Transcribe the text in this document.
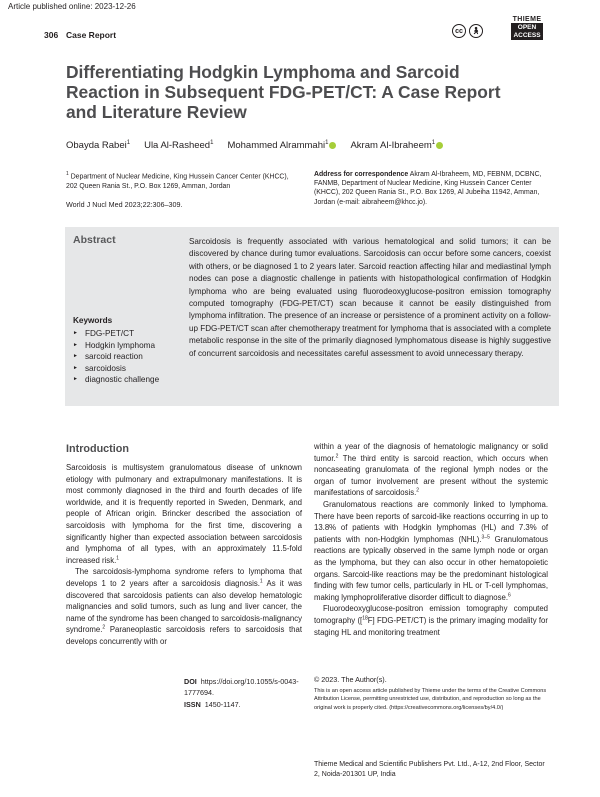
Article published online: 2023-12-26
306 Case Report	cc	🚶︎
THIEME
OPEN
ACCESS
Differentiating Hodgkin Lymphoma and Sarcoid Reaction in Subsequent FDG-PET/CT: A Case Report and Literature Review
Obayda Rabei$^1$ Ula Al-Rasheed$^1$ Mohammed Alrammahi$^1$	Akram Al-Ibraheem$^1$
$^1$ Department of Nuclear Medicine, King Hussein Cancer Center (KHCC), 202 Queen Rania St., P.O. Box 1269, Amman, Jordan
World J Nucl Med 2023;22:306–309.
Address for correspondence Akram Al-Ibraheem, MD, FEBNM, DCBNC, FANMB, Department of Nuclear Medicine, King Hussein Cancer Center (KHCC), 202 Queen Rania St., P.O. Box 1269, Al Jubeiha 11942, Amman, Jordan (e-mail: aibraheem@khcc.jo).
Abstract
Keywords
► FDG-PET/CT
► Hodgkin lymphoma
► sarcoid reaction
► sarcoidosis
► diagnostic challenge
Sarcoidosis is frequently associated with various hematological and solid tumors; it can be discovered by chance during tumor evaluations. Sarcoidosis can occur before some cancers, coexist with others, or be diagnosed 1 to 2 years later. Sarcoid reaction affecting hilar and mediastinal lymph nodes can pose a diagnostic challenge in patients with histopathological confirmation of Hodgkin lymphoma who are being evaluated using fluorodeoxyglucose-positron emission tomography computed tomography (FDG-PET/CT) scan because it cannot be easily distinguished from lymphoma infiltration. The presence of an increase or persistence of a prominent activity on a follow-up FDG-PET/CT scan after chemotherapy treatment for lymphoma that is associated with a complete metabolic response in the site of the primarily diagnosed lymphomatous disease is highly suggestive of concurrent sarcoidosis and necessitates careful assessment to avoid unnecessary therapy.
Introduction

Sarcoidosis is multisystem granulomatous disease of unknown etiology with pulmonary and extrapulmonary manifestations. It is most commonly diagnosed in the third and fourth decades of life worldwide, and it is frequently reported in Sweden, Denmark, and people of African origin. Brincker described the association of sarcoidosis with lymphoma for the first time, discovering a significantly higher than expected association between sarcoidosis and lymphoma of all types, with an approximately 11.5-fold increased risk.$^1$

The sarcoidosis-lymphoma syndrome refers to lymphoma that develops 1 to 2 years after a sarcoidosis diagnosis.$^1$ As it was discovered that sarcoidosis patients can also develop hematologic malignancies and solid tumors, such as lung and liver cancer, the name of the syndrome has been changed to sarcoidosis-malignancy syndrome.$^2$ Paraneoplastic sarcoidosis refers to sarcoidosis that develops concurrently with or

within a year of the diagnosis of hematologic malignancy or solid tumor.$^2$ The third entity is sarcoid reaction, which occurs when noncaseating granulomata of the regional lymph nodes or the organ of tumor involvement are present without the systemic manifestations of sarcoidosis.$^2$

Granulomatous reactions are commonly linked to lymphoma. There have been reports of sarcoid-like reactions occurring in up to 13.8% of patients with Hodgkin lymphomas (HL) and 7.3% of patients with non-Hodgkin lymphomas (NHL).$^{3-5}$ Granulomatous reactions are typically observed in the same lymph node or organ as the lymphoma, but they can also occur in other hematopoietic organs. Sarcoid-like reactions may be the predominant histological finding with few tumor cells, particularly in HL or T-cell lymphomas, making lymphoproliferative disorder difficult to diagnose.$^6$

Fluorodeoxyglucose-positron emission tomography computed tomography ([$^{18}$F] FDG-PET/CT) is the primary imaging modality for staging HL and monitoring treatment

DOI https://doi.org/10.1055/s-0043-1777694.
ISSN 1450-1147.
© 2023. The Author(s).
This is an open access article published by Thieme under the terms of the Creative Commons Attribution License, permitting unrestricted use, distribution, and reproduction so long as the original work is properly cited. (https://creativecommons.org/licenses/by/4.0/)
Thieme Medical and Scientific Publishers Pvt. Ltd., A-12, 2nd Floor, Sector 2, Noida-201301 UP, India
